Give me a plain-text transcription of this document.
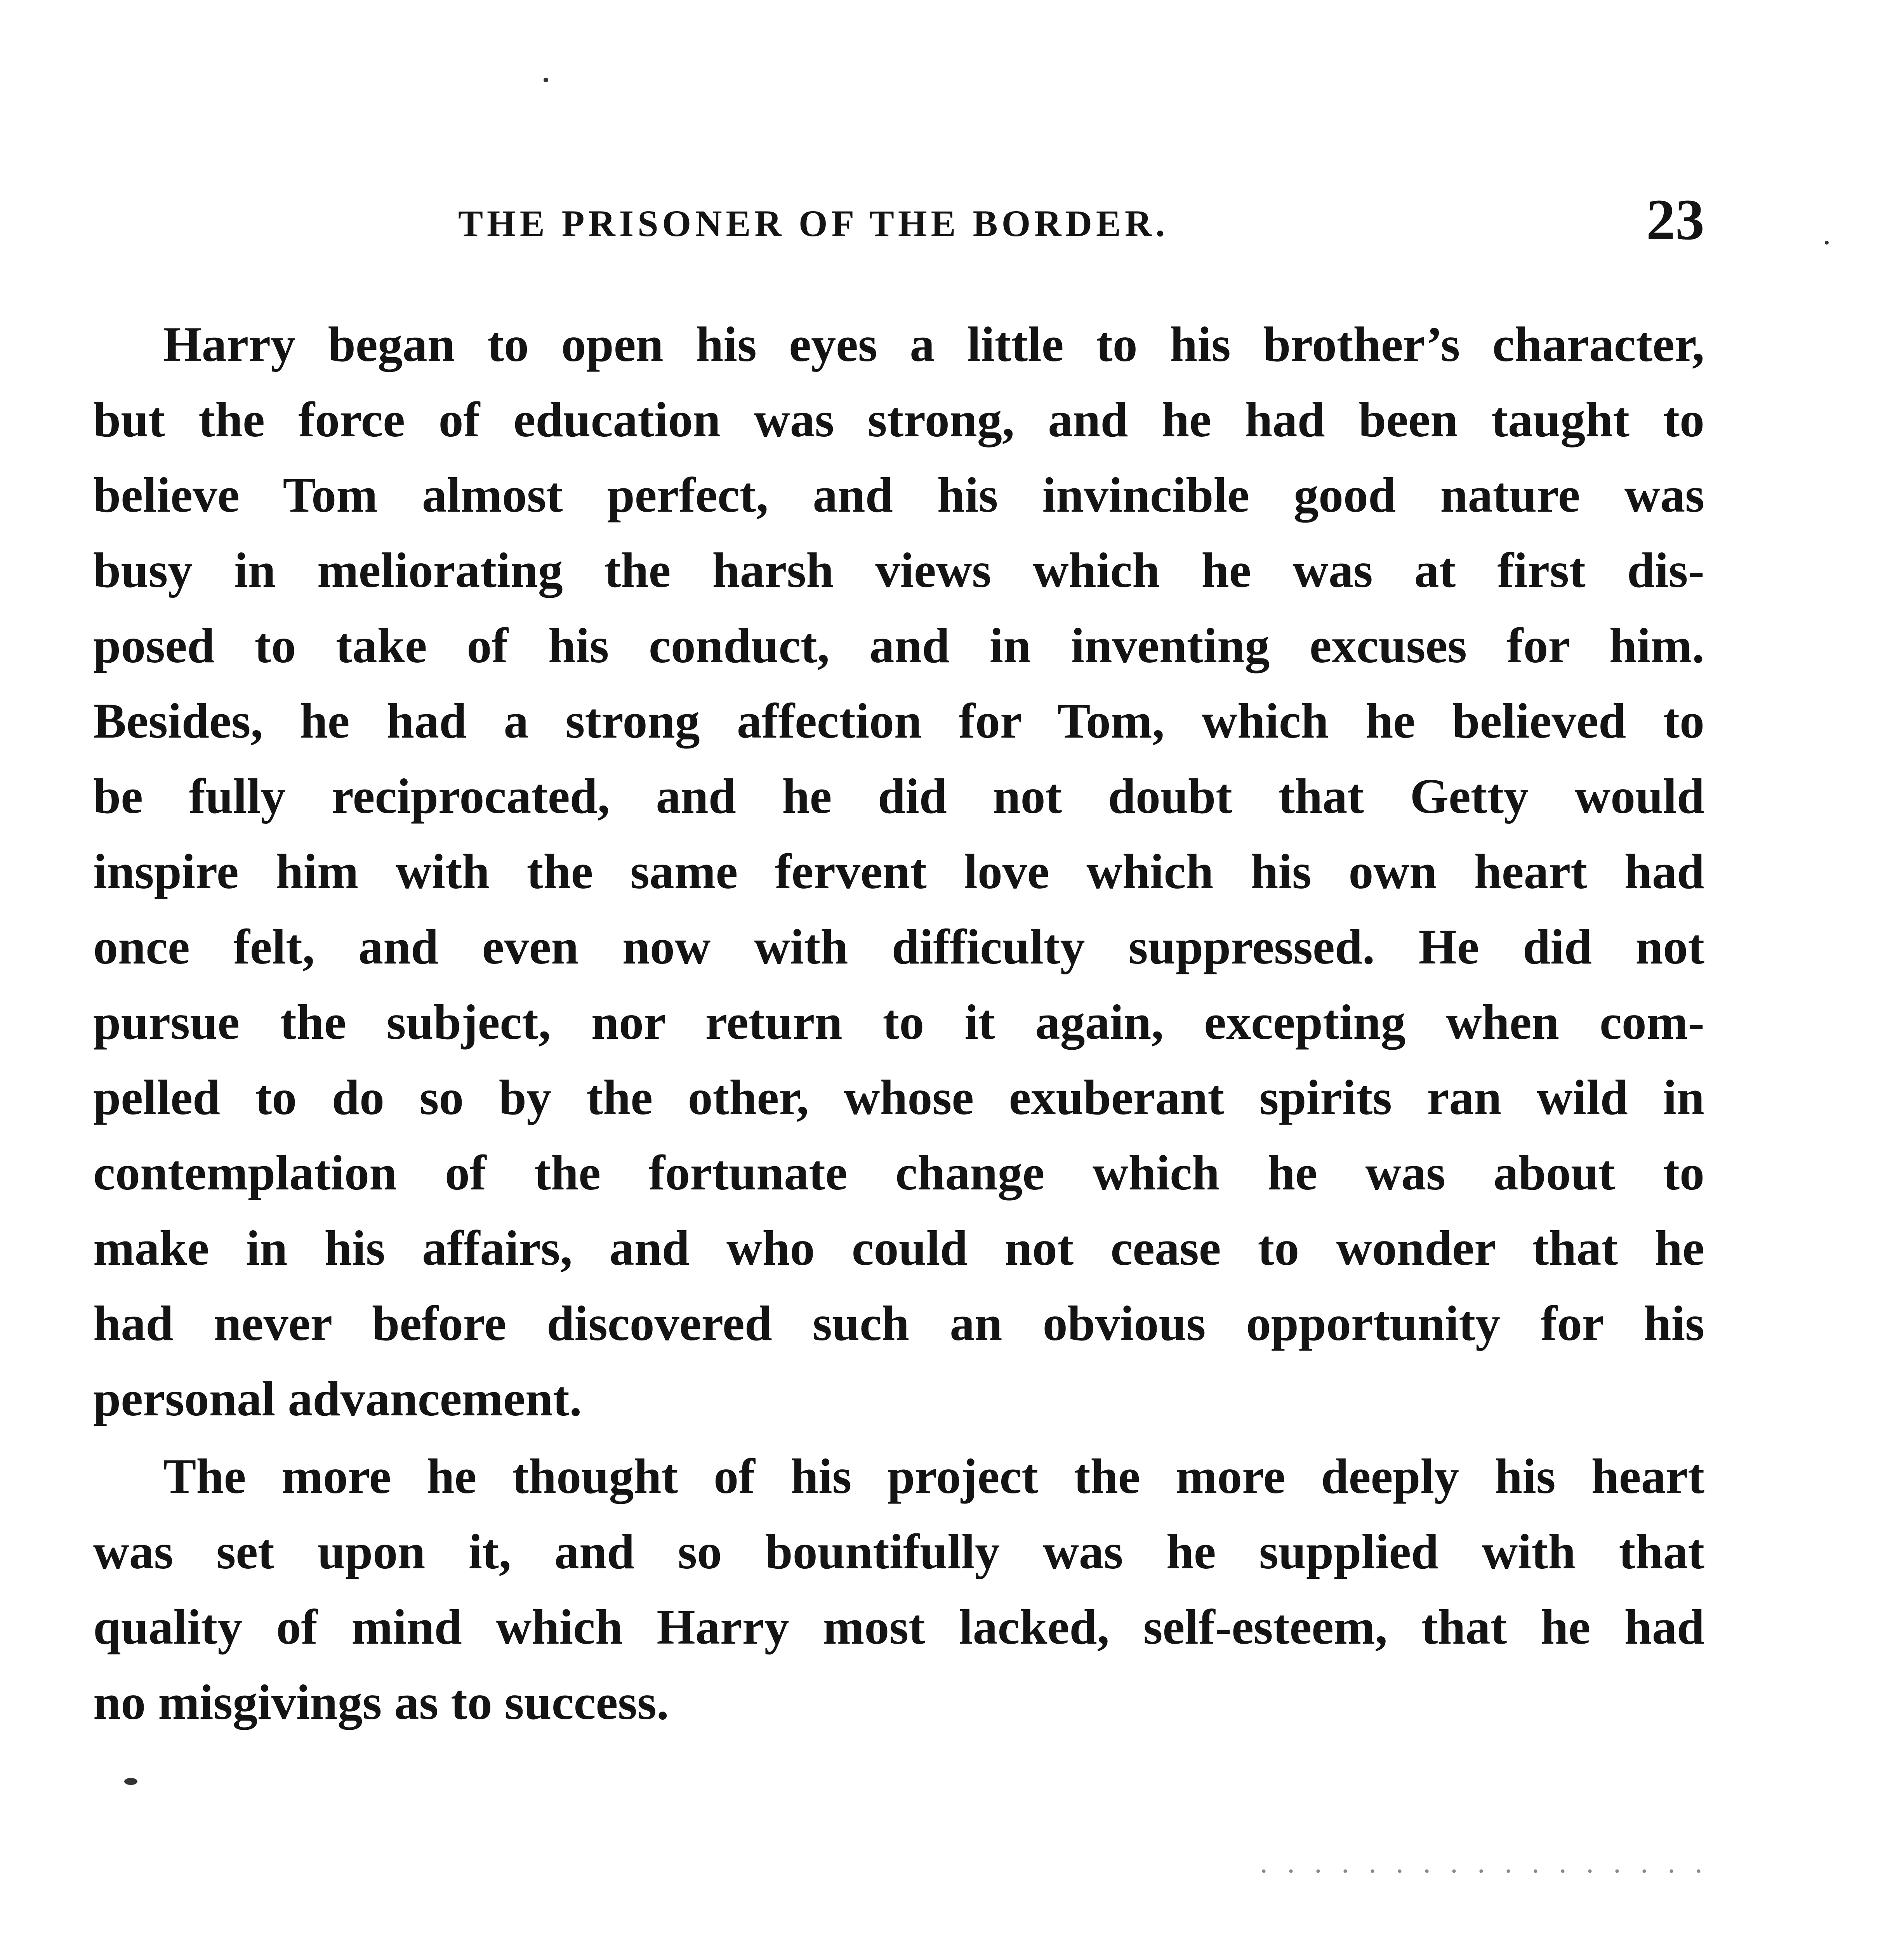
THE PRISONER OF THE BORDER.	23
Harry began to open his eyes a little to his brother’s character,
but the force of education was strong, and he had been taught to
believe Tom almost perfect, and his invincible good nature was
busy in meliorating the harsh views which he was at first dis-
posed to take of his conduct, and in inventing excuses for him.
Besides, he had a strong affection for Tom, which he believed to
be fully reciprocated, and he did not doubt that Getty would
inspire him with the same fervent love which his own heart had
once felt, and even now with difficulty suppressed. He did not
pursue the subject, nor return to it again, excepting when com-
pelled to do so by the other, whose exuberant spirits ran wild in
contemplation of the fortunate change which he was about to
make in his affairs, and who could not cease to wonder that he
had never before discovered such an obvious opportunity for his
personal advancement.
The more he thought of his project the more deeply his heart
was set upon it, and so bountifully was he supplied with that
quality of mind which Harry most lacked, self-esteem, that he had
no misgivings as to success.
